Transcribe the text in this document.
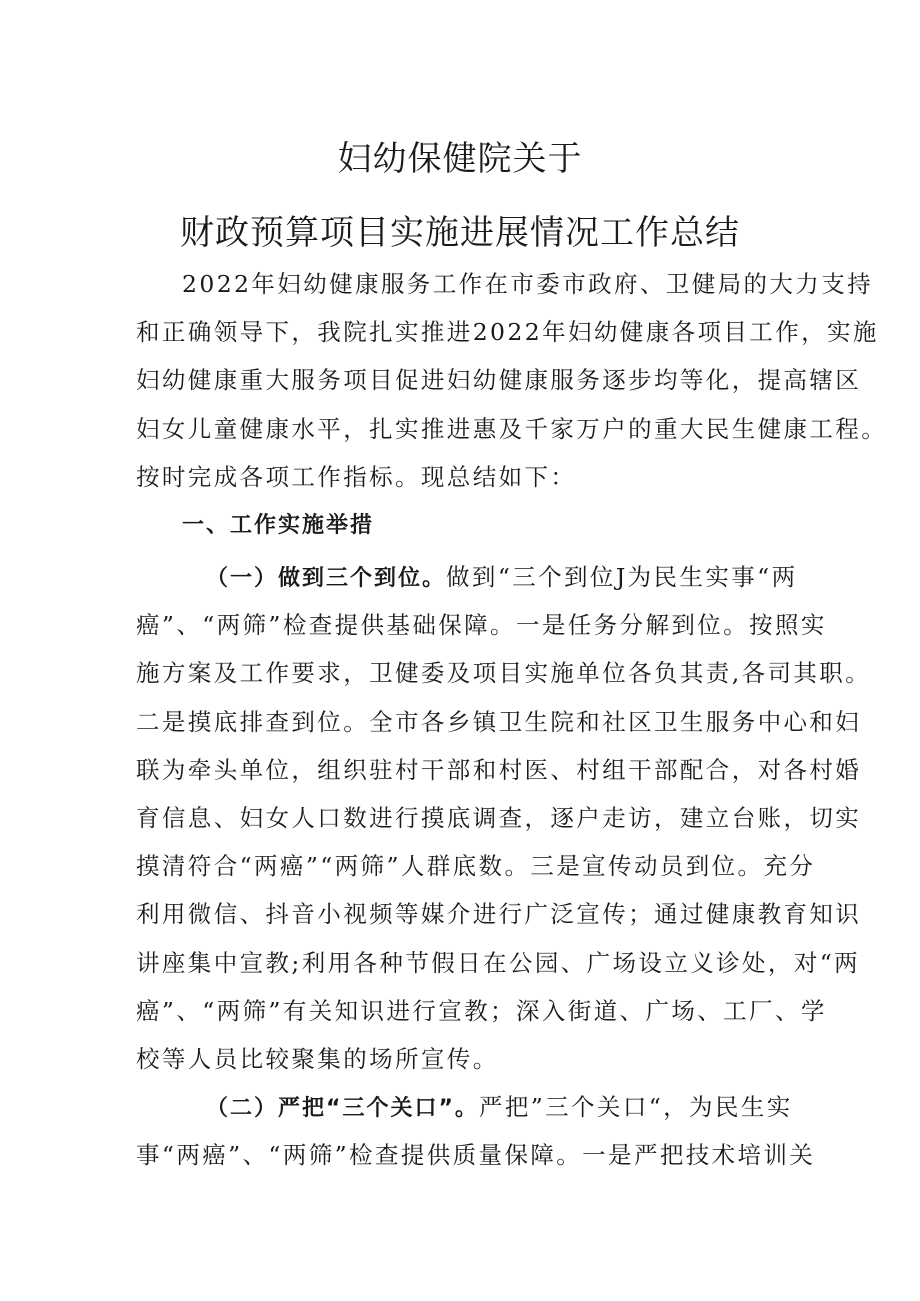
妇幼保健院关于
财政预算项目实施进展情况工作总结
2022年妇幼健康服务工作在市委市政府、卫健局的大力支持
和正确领导下，我院扎实推进2022年妇幼健康各项目工作，实施
妇幼健康重大服务项目促进妇幼健康服务逐步均等化，提高辖区
妇女儿童健康水平，扎实推进惠及千家万户的重大民生健康工程。
按时完成各项工作指标。现总结如下：
一、工作实施举措
（一）做到三个到位。做到“三个到位J为民生实事“两
癌”、“两筛”检查提供基础保障。一是任务分解到位。按照实
施方案及工作要求，卫健委及项目实施单位各负其责,各司其职。
二是摸底排查到位。全市各乡镇卫生院和社区卫生服务中心和妇
联为牵头单位，组织驻村干部和村医、村组干部配合，对各村婚
育信息、妇女人口数进行摸底调查，逐户走访，建立台账，切实
摸清符合“两癌”“两筛”人群底数。三是宣传动员到位。充分
利用微信、抖音小视频等媒介进行广泛宣传；通过健康教育知识
讲座集中宣教;利用各种节假日在公园、广场设立义诊处，对“两
癌”、“两筛”有关知识进行宣教；深入街道、广场、工厂、学
校等人员比较聚集的场所宣传。
（二）严把“三个关口”。严把”三个关口“，为民生实
事“两癌”、“两筛”检查提供质量保障。一是严把技术培训关
